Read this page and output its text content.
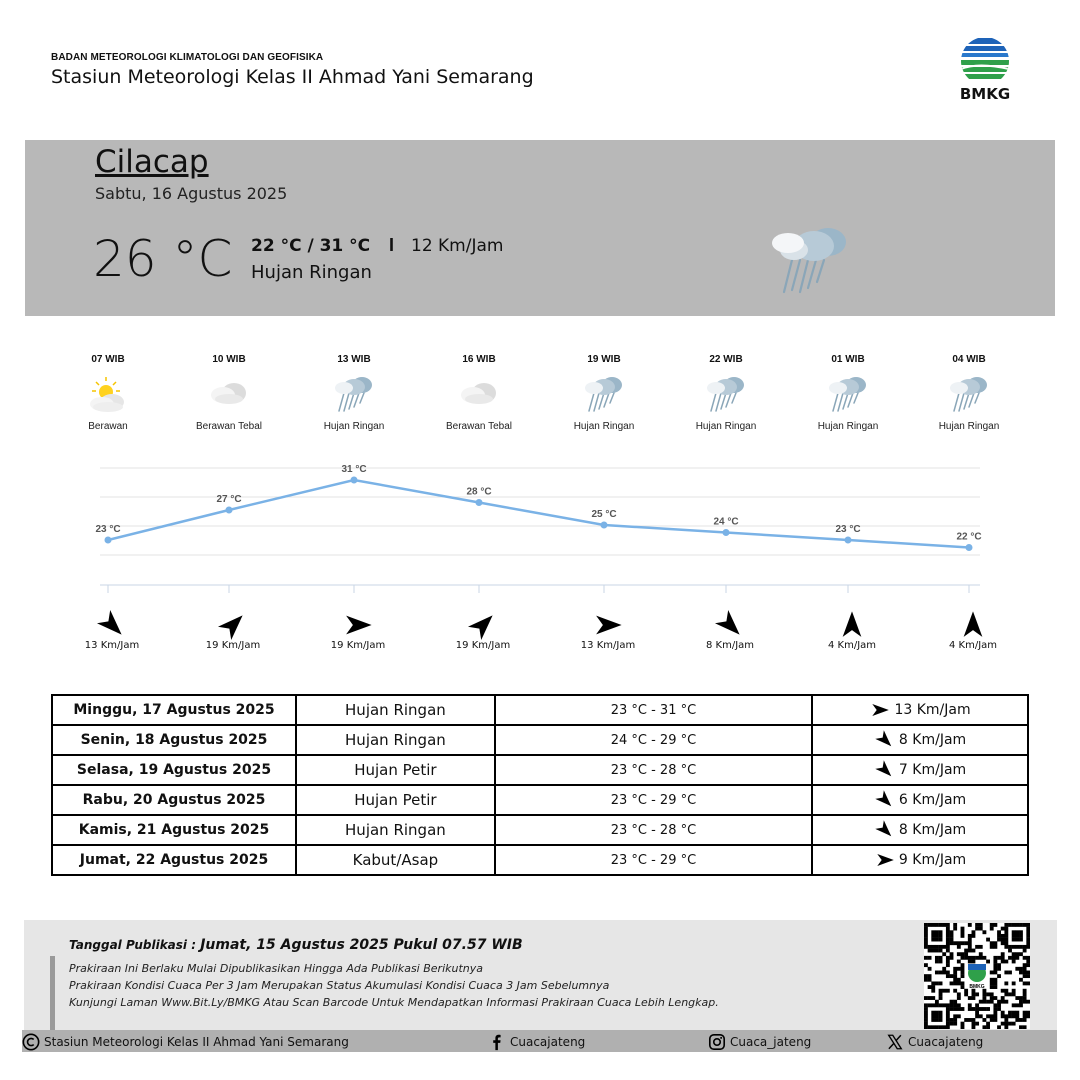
BADAN METEOROLOGI KLIMATOLOGI DAN GEOFISIKA
Stasiun Meteorologi Kelas II Ahmad Yani Semarang
BMKG
Cilacap
Sabtu, 16 Agustus 2025
26 °C 22 °C / 31 °C I 12 Km/Jam
Hujan Ringan
07 WIB
Berawan
10 WIB
Berawan Tebal
13 WIB
Hujan Ringan
16 WIB
Berawan Tebal
19 WIB
Hujan Ringan
22 WIB
Hujan Ringan
01 WIB
Hujan Ringan
04 WIB
Hujan Ringan
23 °C
27 °C
31 °C
28 °C
25 °C
24 °C
23 °C
22 °C
13 Km/Jam	19 Km/Jam	19 Km/Jam	19 Km/Jam	13 Km/Jam	8 Km/Jam	4 Km/Jam	4 Km/Jam
Minggu, 17 Agustus 2025	Hujan Ringan	23 °C - 31 °C	13 Km/Jam
Senin, 18 Agustus 2025	Hujan Ringan	24 °C - 29 °C	8 Km/Jam
Selasa, 19 Agustus 2025	Hujan Petir	23 °C - 28 °C	7 Km/Jam
Rabu, 20 Agustus 2025	Hujan Petir	23 °C - 29 °C	6 Km/Jam
Kamis, 21 Agustus 2025	Hujan Ringan	23 °C - 28 °C	8 Km/Jam
Jumat, 22 Agustus 2025	Kabut/Asap	23 °C - 29 °C	9 Km/Jam
Tanggal Publikasi : Jumat, 15 Agustus 2025 Pukul 07.57 WIB
Prakiraan Ini Berlaku Mulai Dipublikasikan Hingga Ada Publikasi Berikutnya
Prakiraan Kondisi Cuaca Per 3 Jam Merupakan Status Akumulasi Kondisi Cuaca 3 Jam Sebelumnya
Kunjungi Laman Www.Bit.Ly/BMKG Atau Scan Barcode Untuk Mendapatkan Informasi Prakiraan Cuaca Lebih Lengkap.
BMKG
Stasiun Meteorologi Kelas II Ahmad Yani Semarang	Cuacajateng	Cuaca_jateng	Cuacajateng
